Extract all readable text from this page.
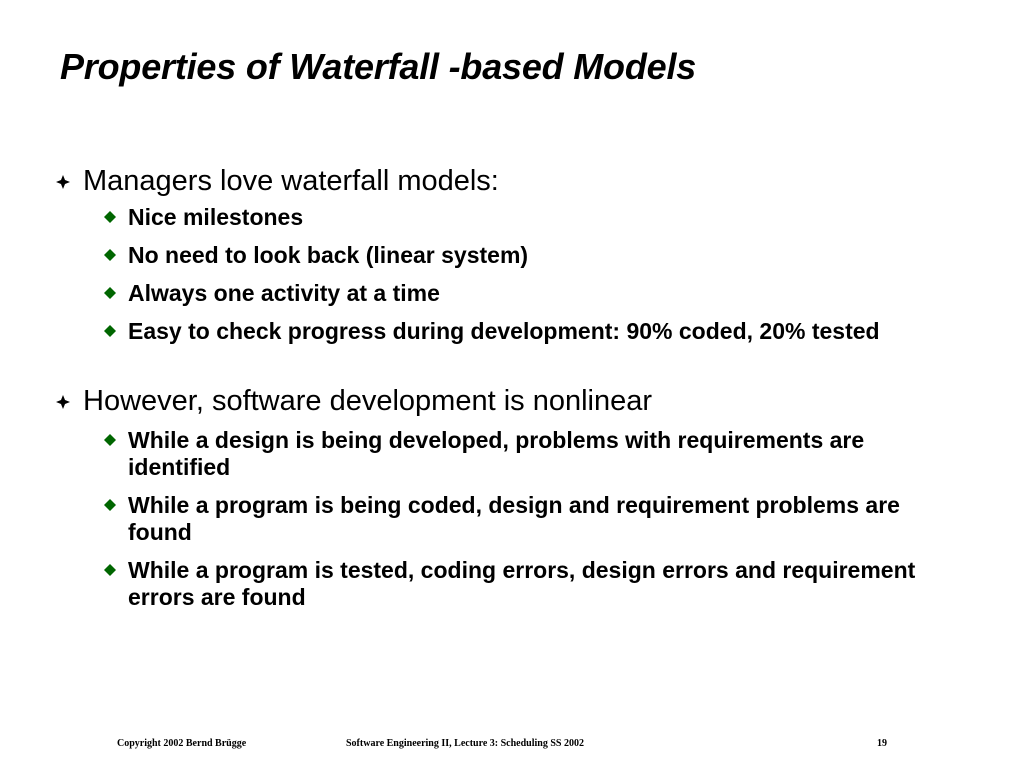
Properties of Waterfall -based Models
Managers love waterfall models:
Nice milestones
No need to look back (linear system)
Always one activity at a time
Easy to check progress during development: 90% coded, 20% tested
However, software development is nonlinear
While a design is being developed, problems with requirements are identified
While a program is being coded, design and requirement problems are found
While a program is tested, coding errors, design errors and requirement errors are found
Copyright 2002 Bernd Brügge	Software Engineering II, Lecture 3: Scheduling SS 2002	19
